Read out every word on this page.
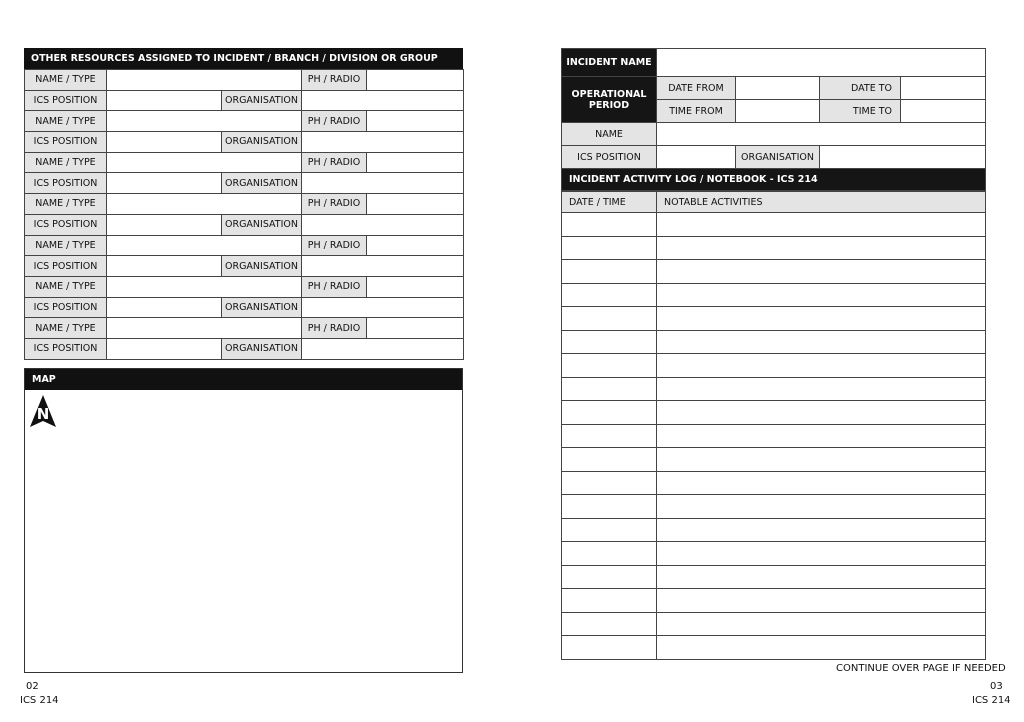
OTHER RESOURCES ASSIGNED TO INCIDENT / BRANCH / DIVISION OR GROUP
NAME / TYPE			PH / RADIO	
ICS POSITION		ORGANISATION		
NAME / TYPE			PH / RADIO	
ICS POSITION		ORGANISATION		
NAME / TYPE			PH / RADIO	
ICS POSITION		ORGANISATION		
NAME / TYPE			PH / RADIO	
ICS POSITION		ORGANISATION		
NAME / TYPE			PH / RADIO	
ICS POSITION		ORGANISATION		
NAME / TYPE			PH / RADIO	
ICS POSITION		ORGANISATION		
NAME / TYPE			PH / RADIO	
ICS POSITION		ORGANISATION		
MAP
N
02
ICS 214
INCIDENT NAME				

OPERATIONAL
PERIOD	DATE FROM		DATE TO	
	TIME FROM		TIME TO	
NAME				
ICS POSITION		ORGANISATION		
INCIDENT ACTIVITY LOG / NOTEBOOK - ICS 214				
DATE / TIME	NOTABLE ACTIVITIES

CONTINUE OVER PAGE IF NEEDED
03
ICS 214
